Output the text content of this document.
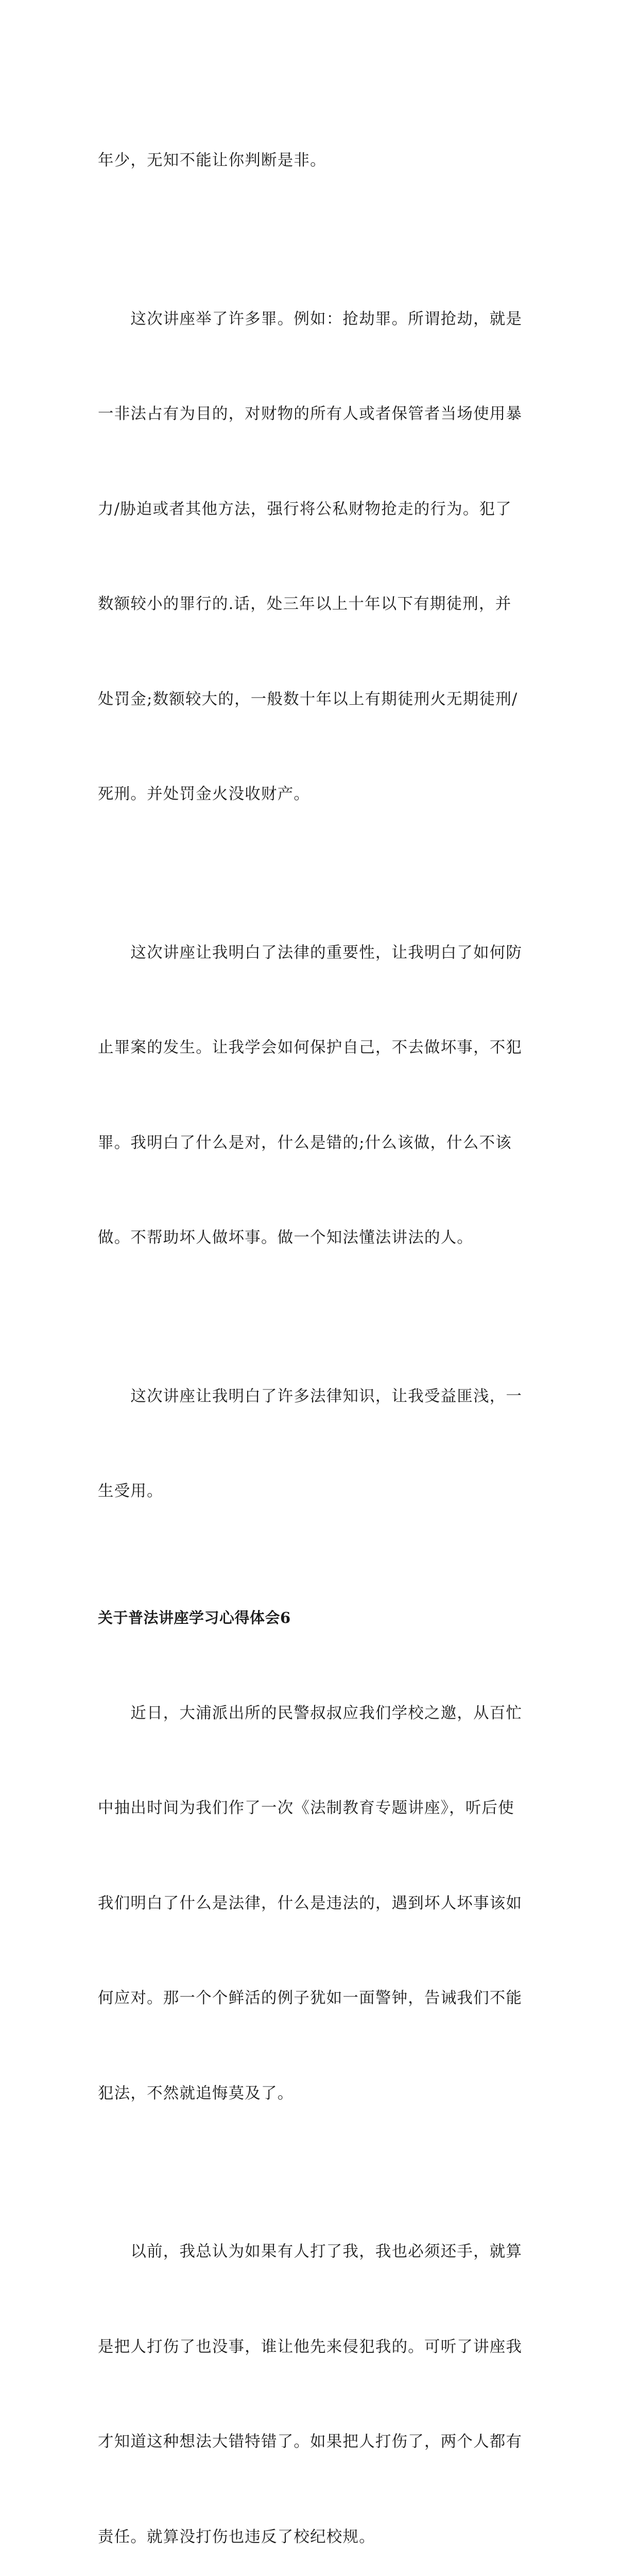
年少，无知不能让你判断是非。

　　这次讲座举了许多罪。例如：抢劫罪。所谓抢劫，就是

一非法占有为目的，对财物的所有人或者保管者当场使用暴

力/胁迫或者其他方法，强行将公私财物抢走的行为。犯了

数额较小的罪行的.话，处三年以上十年以下有期徒刑，并

处罚金;数额较大的，一般数十年以上有期徒刑火无期徒刑/

死刑。并处罚金火没收财产。

　　这次讲座让我明白了法律的重要性，让我明白了如何防

止罪案的发生。让我学会如何保护自己，不去做坏事，不犯

罪。我明白了什么是对，什么是错的;什么该做，什么不该

做。不帮助坏人做坏事。做一个知法懂法讲法的人。

　　这次讲座让我明白了许多法律知识，让我受益匪浅，一

生受用。

关于普法讲座学习心得体会6

　　近日，大浦派出所的民警叔叔应我们学校之邀，从百忙

中抽出时间为我们作了一次《法制教育专题讲座》，听后使

我们明白了什么是法律，什么是违法的，遇到坏人坏事该如

何应对。那一个个鲜活的例子犹如一面警钟，告诫我们不能

犯法，不然就追悔莫及了。

　　以前，我总认为如果有人打了我，我也必须还手，就算

是把人打伤了也没事，谁让他先来侵犯我的。可听了讲座我

才知道这种想法大错特错了。如果把人打伤了，两个人都有

责任。就算没打伤也违反了校纪校规。
